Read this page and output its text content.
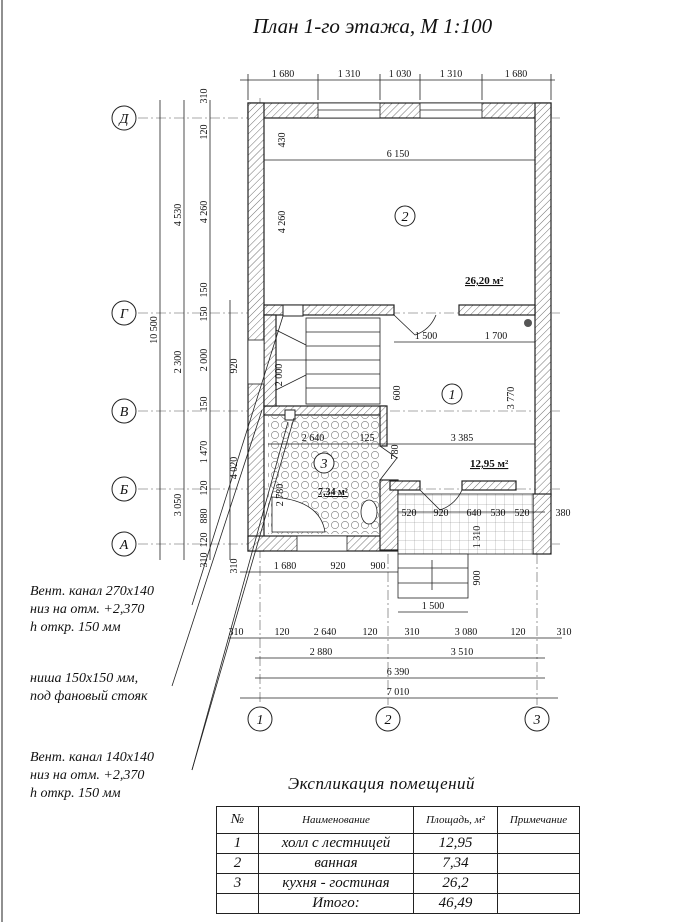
План 1-го этажа, М 1:100
2
1
3
26,20 м²
12,95 м²
7,34 м²
Д
Г
В
Б
А
1	2	3
1 680	1 310	1 030	1 310	1 680
10 500
4 530
2 300
3 050
310
120
4 260
150
150
2 000
150
1 470
120
880
120
310
920
4 020
310
6 150
430
4 260
1 500	1 700
3 770
600
2 640	125	3 385
780
2 780
520 920 640 530 520	380
1 310
900
1 500
2 000
1 680	920	900
310	120 2 640	120	310	3 080	120	310
2 880	3 510
6 390
7 010
Вент. канал 270x140
низ на отм. +2,370
h откр. 150 мм
ниша 150x150 мм,
под фановый стояк
Вент. канал 140x140
низ на отм. +2,370
h откр. 150 мм
Экспликация помещений
№	Наименование	Площадь, м²	Примечание
1	холл с лестницей	12,95	
2	ванная	7,34	
3	кухня - гостиная	26,2	
	Итого:	46,49	
